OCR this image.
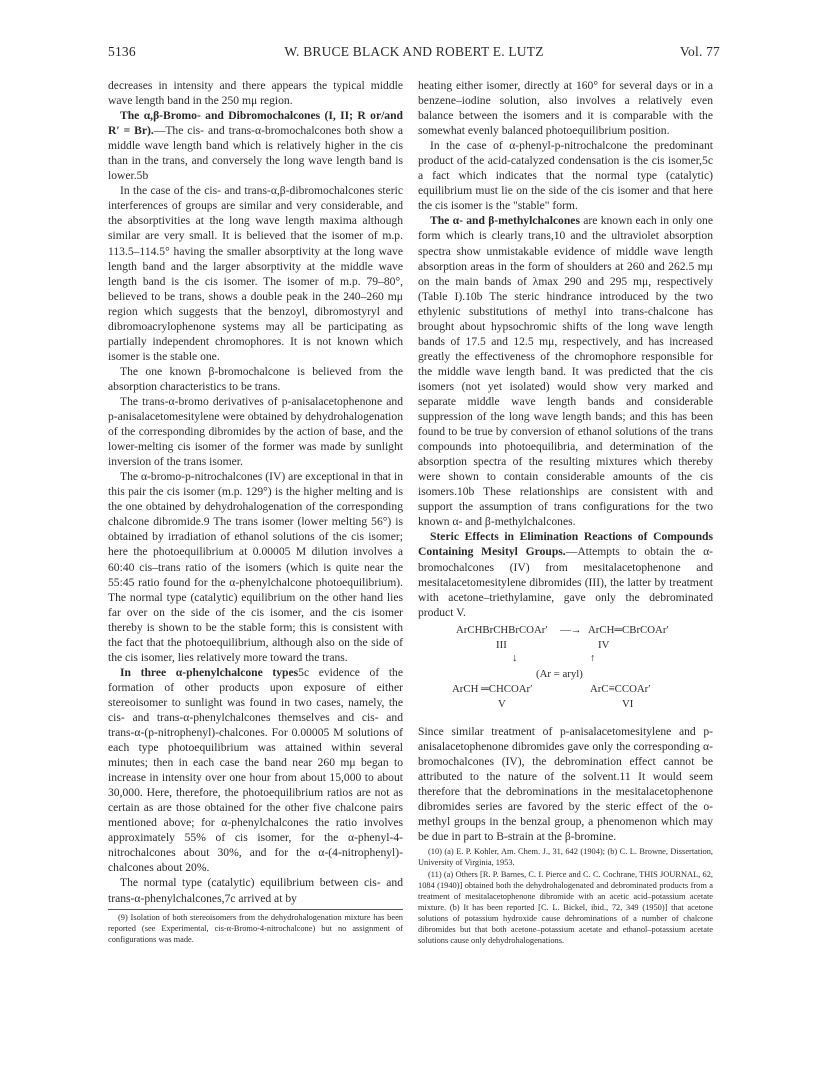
5136	W. BRUCE BLACK AND ROBERT E. LUTZ	Vol. 77

decreases in intensity and there appears the typical middle wave length band in the 250 mμ region.

The α,β-Bromo- and Dibromochalcones (I, II; R or/and R′ = Br).—The cis- and trans-α-bromochalcones both show a middle wave length band which is relatively higher in the cis than in the trans, and conversely the long wave length band is lower.5b

In the case of the cis- and trans-α,β-dibromochalcones steric interferences of groups are similar and very considerable, and the absorptivities at the long wave length maxima although similar are very small. It is believed that the isomer of m.p. 113.5–114.5° having the smaller absorptivity at the long wave length band and the larger absorptivity at the middle wave length band is the cis isomer. The isomer of m.p. 79–80°, believed to be trans, shows a double peak in the 240–260 mμ region which suggests that the benzoyl, dibromostyryl and dibromoacrylophenone systems may all be participating as partially independent chromophores. It is not known which isomer is the stable one.

The one known β-bromochalcone is believed from the absorption characteristics to be trans.

The trans-α-bromo derivatives of p-anisalacetophenone and p-anisalacetomesitylene were obtained by dehydrohalogenation of the corresponding dibromides by the action of base, and the lower-melting cis isomer of the former was made by sunlight inversion of the trans isomer.

The α-bromo-p-nitrochalcones (IV) are exceptional in that in this pair the cis isomer (m.p. 129°) is the higher melting and is the one obtained by dehydrohalogenation of the corresponding chalcone dibromide.9 The trans isomer (lower melting 56°) is obtained by irradiation of ethanol solutions of the cis isomer; here the photoequilibrium at 0.00005 M dilution involves a 60:40 cis–trans ratio of the isomers (which is quite near the 55:45 ratio found for the α-phenylchalcone photoequilibrium). The normal type (catalytic) equilibrium on the other hand lies far over on the side of the cis isomer, and the cis isomer thereby is shown to be the stable form; this is consistent with the fact that the photoequilibrium, although also on the side of the cis isomer, lies relatively more toward the trans.

In three α-phenylchalcone types5c evidence of the formation of other products upon exposure of either stereoisomer to sunlight was found in two cases, namely, the cis- and trans-α-phenylchalcones themselves and cis- and trans-α-(p-nitrophenyl)-chalcones. For 0.00005 M solutions of each type photoequilibrium was attained within several minutes; then in each case the band near 260 mμ began to increase in intensity over one hour from about 15,000 to about 30,000. Here, therefore, the photoequilibrium ratios are not as certain as are those obtained for the other five chalcone pairs mentioned above; for α-phenylchalcones the ratio involves approximately 55% of cis isomer, for the α-phenyl-4-nitrochalcones about 30%, and for the α-(4-nitrophenyl)-chalcones about 20%.

The normal type (catalytic) equilibrium between cis- and trans-α-phenylchalcones,7c arrived at by

(9) Isolation of both stereoisomers from the dehydrohalogenation mixture has been reported (see Experimental, cis-α-Bromo-4-nitrochalcone) but no assignment of configurations was made.

heating either isomer, directly at 160° for several days or in a benzene–iodine solution, also involves a relatively even balance between the isomers and it is comparable with the somewhat evenly balanced photoequilibrium position.

In the case of α-phenyl-p-nitrochalcone the predominant product of the acid-catalyzed condensation is the cis isomer,5c a fact which indicates that the normal type (catalytic) equilibrium must lie on the side of the cis isomer and that here the cis isomer is the "stable" form.

The α- and β-methylchalcones are known each in only one form which is clearly trans,10 and the ultraviolet absorption spectra show unmistakable evidence of middle wave length absorption areas in the form of shoulders at 260 and 262.5 mμ on the main bands of λmax 290 and 295 mμ, respectively (Table I).10b The steric hindrance introduced by the two ethylenic substitutions of methyl into trans-chalcone has brought about hypsochromic shifts of the long wave length bands of 17.5 and 12.5 mμ, respectively, and has increased greatly the effectiveness of the chromophore responsible for the middle wave length band. It was predicted that the cis isomers (not yet isolated) would show very marked and separate middle wave length bands and considerable suppression of the long wave length bands; and this has been found to be true by conversion of ethanol solutions of the trans compounds into photoequilibria, and determination of the absorption spectra of the resulting mixtures which thereby were shown to contain considerable amounts of the cis isomers.10b These relationships are consistent with and support the assumption of trans configurations for the two known α- and β-methylchalcones.

Steric Effects in Elimination Reactions of Compounds Containing Mesityl Groups.—Attempts to obtain the α-bromochalcones (IV) from mesitalacetophenone and mesitalacetomesitylene dibromides (III), the latter by treatment with acetone–triethylamine, gave only the debrominated product V.

ArCHBrCHBrCOAr′ —→ ArCH═CBrCOAr′
III	IV
↓	↑
(Ar = aryl)
ArCH ═CHCOAr′	ArC≡CCOAr′
V	VI

Since similar treatment of p-anisalacetomesitylene and p-anisalacetophenone dibromides gave only the corresponding α-bromochalcones (IV), the debromination effect cannot be attributed to the nature of the solvent.11 It would seem therefore that the debrominations in the mesitalacetophenone dibromides series are favored by the steric effect of the o-methyl groups in the benzal group, a phenomenon which may be due in part to B-strain at the β-bromine.

(10) (a) E. P. Kohler, Am. Chem. J., 31, 642 (1904); (b) C. L. Browne, Dissertation, University of Virginia, 1953.

(11) (a) Others [R. P. Barnes, C. I. Pierce and C. C. Cochrane, THIS JOURNAL, 62, 1084 (1940)] obtained both the dehydrohalogenated and debrominated products from a treatment of mesitalacetophenone dibromide with an acetic acid–potassium acetate mixture. (b) It has been reported [C. L. Bickel, ibid., 72, 349 (1950)] that acetone solutions of potassium hydroxide cause dehrominations of a number of chalcone dibromides but that both acetone–potassium acetate and ethanol–potassium acetate solutions cause only dehydrohalogenations.
